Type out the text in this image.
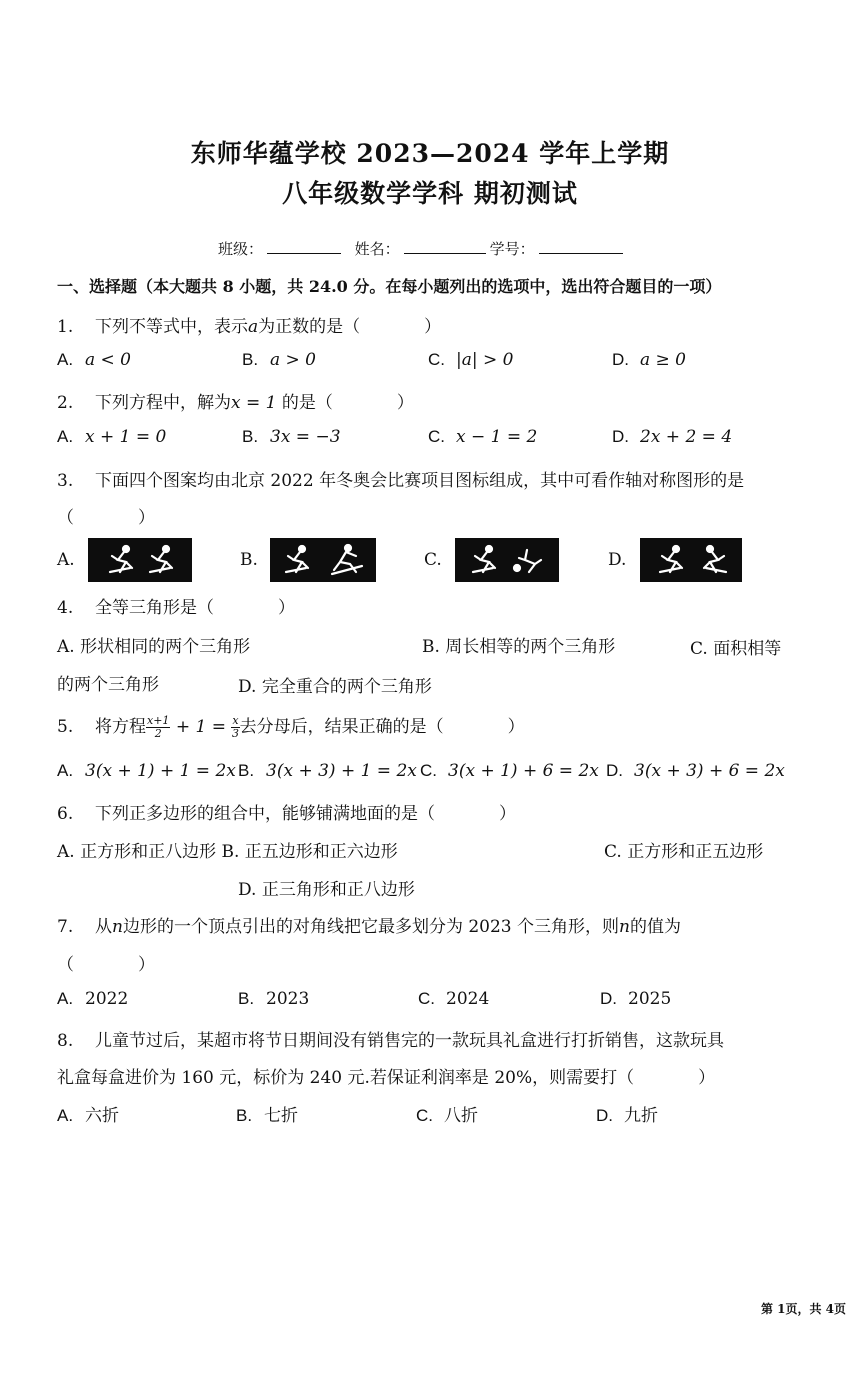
东师华蕴学校 2023—2024 学年上学期
八年级数学学科 期初测试
班级：	姓名：	学号：
一、选择题（本大题共 8 小题，共 24.0 分。在每小题列出的选项中，选出符合题目的一项）
1. 下列不等式中，表示a为正数的是（	）
A. a < 0	B. a > 0	C. |a| > 0	D. a ≥ 0
2. 下列方程中，解为x = 1 的是（	）
A. x + 1 = 0	B. 3x = −3	C. x − 1 = 2	D. 2x + 2 = 4
3. 下面四个图案均由北京 2022 年冬奥会比赛项目图标组成，其中可看作轴对称图形的是
（	）
A.	B.	C.	D.
4. 全等三角形是（	）
A. 形状相同的两个三角形	B. 周长相等的两个三角形	C. 面积相等
的两个三角形	D. 完全重合的两个三角形
5. 将方程 $\frac{x+1}{2} + 1 = \frac{x}{3}$ 去分母后，结果正确的是（	）
A. 3(x + 1) + 1 = 2x B. 3(x + 3) + 1 = 2x C. 3(x + 1) + 6 = 2x D. 3(x + 3) + 6 = 2x
6. 下列正多边形的组合中，能够铺满地面的是（	）
A. 正方形和正八边形 B. 正五边形和正六边形	C. 正方形和正五边形
D. 正三角形和正八边形
7. 从n边形的一个顶点引出的对角线把它最多划分为 2023 个三角形，则n的值为
（	）
A. 2022	B. 2023	C. 2024	D. 2025
8. 儿童节过后，某超市将节日期间没有销售完的一款玩具礼盒进行打折销售，这款玩具
礼盒每盒进价为 160 元，标价为 240 元.若保证利润率是 20%，则需要打（	）
A. 六折	B. 七折	C. 八折	D. 九折
第 1页，共 4页
